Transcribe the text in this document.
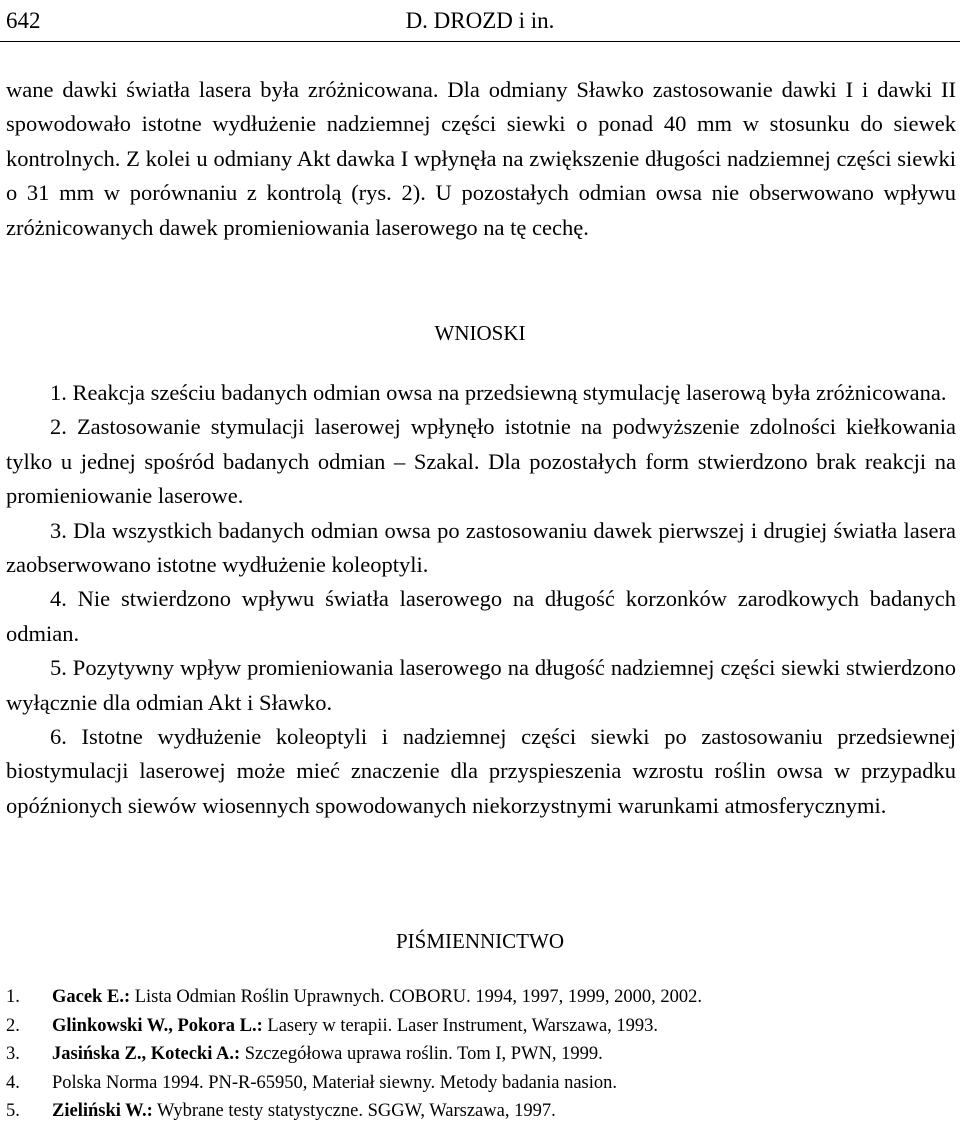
642	D. DROZD i in.

wane dawki światła lasera była zróżnicowana. Dla odmiany Sławko zastosowanie dawki I i dawki II spowodowało istotne wydłużenie nadziemnej części siewki o ponad 40 mm w stosunku do siewek kontrolnych. Z kolei u odmiany Akt dawka I wpłynęła na zwiększenie długości nadziemnej części siewki o 31 mm w porównaniu z kontrolą (rys. 2). U pozostałych odmian owsa nie obserwowano wpływu zróżnicowanych dawek promieniowania laserowego na tę cechę.

WNIOSKI

1. Reakcja sześciu badanych odmian owsa na przedsiewną stymulację laserową była zróżnicowana.

2. Zastosowanie stymulacji laserowej wpłynęło istotnie na podwyższenie zdolności kiełkowania tylko u jednej spośród badanych odmian – Szakal. Dla pozostałych form stwierdzono brak reakcji na promieniowanie laserowe.

3. Dla wszystkich badanych odmian owsa po zastosowaniu dawek pierwszej i drugiej światła lasera zaobserwowano istotne wydłużenie koleoptyli.

4. Nie stwierdzono wpływu światła laserowego na długość korzonków zarodkowych badanych odmian.

5. Pozytywny wpływ promieniowania laserowego na długość nadziemnej części siewki stwierdzono wyłącznie dla odmian Akt i Sławko.

6. Istotne wydłużenie koleoptyli i nadziemnej części siewki po zastosowaniu przedsiewnej biostymulacji laserowej może mieć znaczenie dla przyspieszenia wzrostu roślin owsa w przypadku opóźnionych siewów wiosennych spowodowanych niekorzystnymi warunkami atmosferycznymi.

PIŚMIENNICTWO
1.	Gacek E.: Lista Odmian Roślin Uprawnych. COBORU. 1994, 1997, 1999, 2000, 2002.
2.	Glinkowski W., Pokora L.: Lasery w terapii. Laser Instrument, Warszawa, 1993.
3.	Jasińska Z., Kotecki A.: Szczegółowa uprawa roślin. Tom I, PWN, 1999.
4.	Polska Norma 1994. PN-R-65950, Materiał siewny. Metody badania nasion.
5.	Zieliński W.: Wybrane testy statystyczne. SGGW, Warszawa, 1997.
